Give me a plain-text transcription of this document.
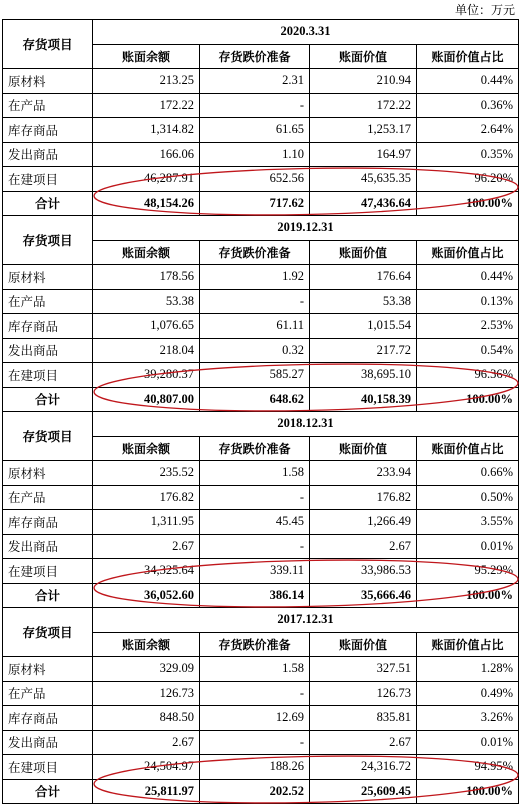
单位：万元
存货项目	2020.3.31			
	账面余额	存货跌价准备	账面价值	账面价值占比
原材料	213.25	2.31	210.94	0.44%
在产品	172.22	-	172.22	0.36%
库存商品	1,314.82	61.65	1,253.17	2.64%
发出商品	166.06	1.10	164.97	0.35%
在建项目	46,287.91	652.56	45,635.35	96.20%
合计	48,154.26	717.62	47,436.64	100.00%
存货项目	2019.12.31			
	账面余额	存货跌价准备	账面价值	账面价值占比
原材料	178.56	1.92	176.64	0.44%
在产品	53.38	-	53.38	0.13%
库存商品	1,076.65	61.11	1,015.54	2.53%
发出商品	218.04	0.32	217.72	0.54%
在建项目	39,280.37	585.27	38,695.10	96.36%
合计	40,807.00	648.62	40,158.39	100.00%
存货项目	2018.12.31			
	账面余额	存货跌价准备	账面价值	账面价值占比
原材料	235.52	1.58	233.94	0.66%
在产品	176.82	-	176.82	0.50%
库存商品	1,311.95	45.45	1,266.49	3.55%
发出商品	2.67	-	2.67	0.01%
在建项目	34,325.64	339.11	33,986.53	95.29%
合计	36,052.60	386.14	35,666.46	100.00%
存货项目	2017.12.31			
	账面余额	存货跌价准备	账面价值	账面价值占比
原材料	329.09	1.58	327.51	1.28%
在产品	126.73	-	126.73	0.49%
库存商品	848.50	12.69	835.81	3.26%
发出商品	2.67	-	2.67	0.01%
在建项目	24,504.97	188.26	24,316.72	94.95%
合计	25,811.97	202.52	25,609.45	100.00%
